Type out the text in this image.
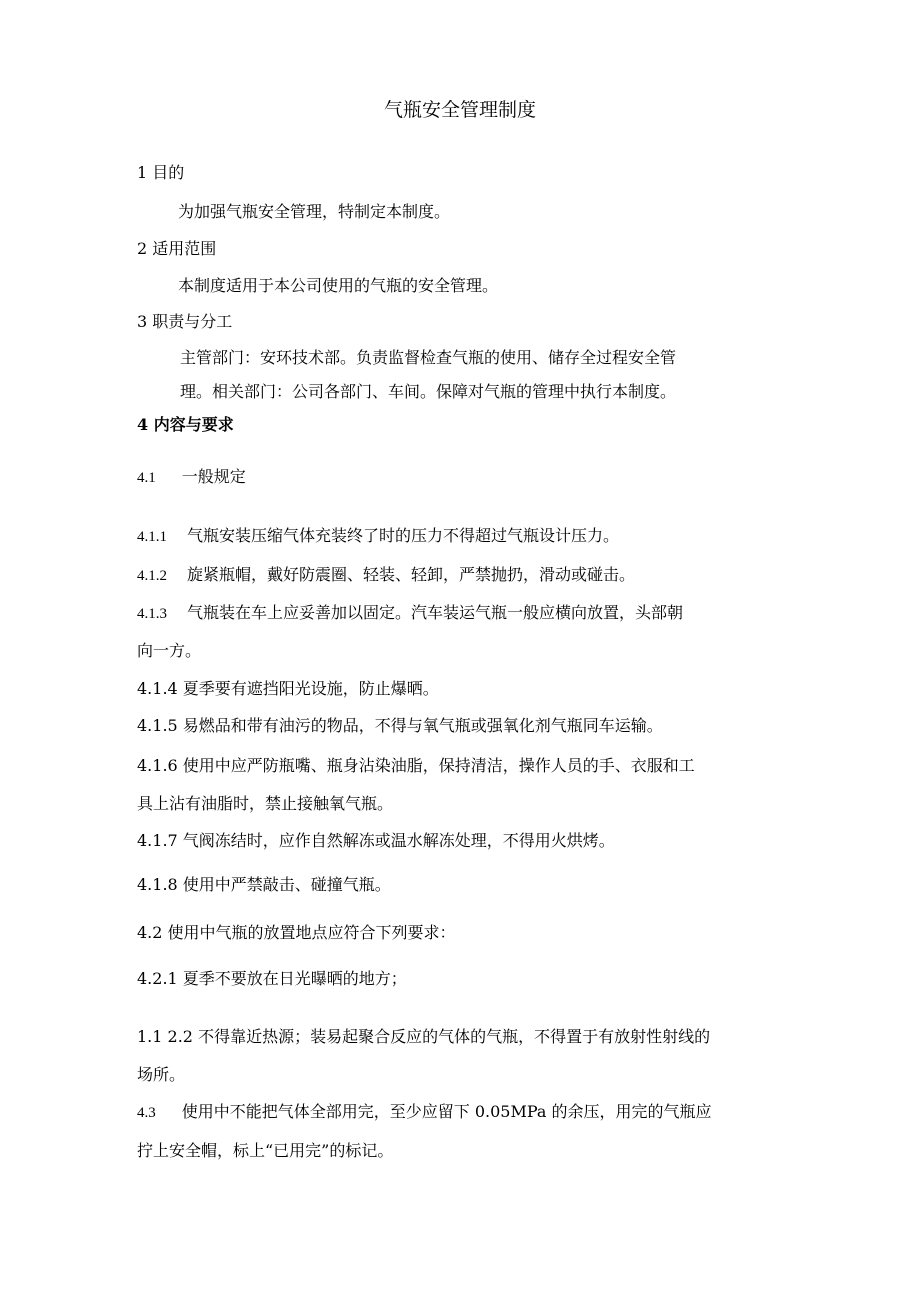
气瓶安全管理制度
1 目的
为加强气瓶安全管理，特制定本制度。
2 适用范围
本制度适用于本公司使用的气瓶的安全管理。
3 职责与分工
主管部门：安环技术部。负责监督检查气瓶的使用、储存全过程安全管
理。相关部门：公司各部门、车间。保障对气瓶的管理中执行本制度。
4 内容与要求
4.1 一般规定
4.1.1 气瓶安装压缩气体充装终了时的压力不得超过气瓶设计压力。
4.1.2 旋紧瓶帽，戴好防震圈、轻装、轻卸，严禁抛扔，滑动或碰击。
4.1.3 气瓶装在车上应妥善加以固定。汽车装运气瓶一般应横向放置，头部朝
向一方。
4.1.4 夏季要有遮挡阳光设施，防止爆晒。
4.1.5 易燃品和带有油污的物品，不得与氧气瓶或强氧化剂气瓶同车运输。
4.1.6 使用中应严防瓶嘴、瓶身沾染油脂，保持清洁，操作人员的手、衣服和工
具上沾有油脂时，禁止接触氧气瓶。
4.1.7 气阀冻结时，应作自然解冻或温水解冻处理，不得用火烘烤。
4.1.8 使用中严禁敲击、碰撞气瓶。
4.2 使用中气瓶的放置地点应符合下列要求：
4.2.1 夏季不要放在日光曝晒的地方；
1.1 2.2 不得靠近热源；装易起聚合反应的气体的气瓶，不得置于有放射性射线的
场所。
4.3 使用中不能把气体全部用完，至少应留下 0.05MPa 的余压，用完的气瓶应
拧上安全帽，标上“已用完”的标记。
